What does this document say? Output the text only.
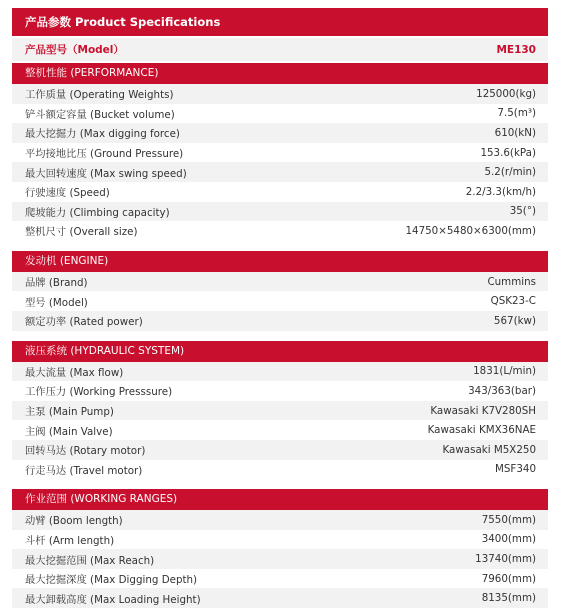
产品参数 Product Specifications
产品型号（Model）	ME130
整机性能 (PERFORMANCE)
工作质量 (Operating Weights)	125000(kg)
铲斗额定容量 (Bucket volume)	7.5(m³)
最大挖掘力 (Max digging force)	610(kN)
平均接地比压 (Ground Pressure)	153.6(kPa)
最大回转速度 (Max swing speed)	5.2(r/min)
行驶速度 (Speed)	2.2/3.3(km/h)
爬坡能力 (Climbing capacity)	35(°)
整机尺寸 (Overall size)	14750×5480×6300(mm)
发动机 (ENGINE)
品牌 (Brand)	Cummins
型号 (Model)	QSK23-C
额定功率 (Rated power)	567(kw)
液压系统 (HYDRAULIC SYSTEM)
最大流量 (Max flow)	1831(L/min)
工作压力 (Working Presssure)	343/363(bar)
主泵 (Main Pump)	Kawasaki K7V280SH
主阀 (Main Valve)	Kawasaki KMX36NAE
回转马达 (Rotary motor)	Kawasaki M5X250
行走马达 (Travel motor)	MSF340
作业范围 (WORKING RANGES)
动臂 (Boom length)	7550(mm)
斗杆 (Arm length)	3400(mm)
最大挖掘范围 (Max Reach)	13740(mm)
最大挖掘深度 (Max Digging Depth)	7960(mm)
最大卸载高度 (Max Loading Height)	8135(mm)
